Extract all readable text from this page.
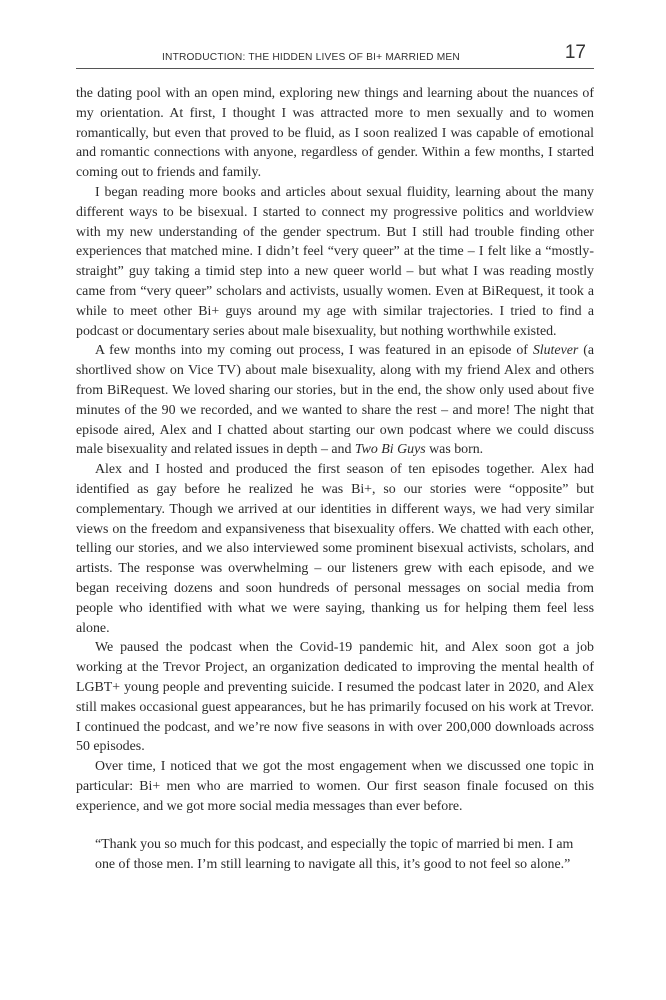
INTRODUCTION: THE HIDDEN LIVES OF BI+ MARRIED MEN	17

the dating pool with an open mind, exploring new things and learning about the nuances of my orientation. At first, I thought I was attracted more to men sexually and to women romantically, but even that proved to be fluid, as I soon realized I was capable of emotional and romantic connections with anyone, regardless of gender. Within a few months, I started coming out to friends and family.

I began reading more books and articles about sexual fluidity, learning about the many different ways to be bisexual. I started to connect my progressive politics and worldview with my new understanding of the gender spectrum. But I still had trouble finding other experiences that matched mine. I didn’t feel “very queer” at the time – I felt like a “mostly-straight” guy taking a timid step into a new queer world – but what I was reading mostly came from “very queer” scholars and activists, usually women. Even at BiRequest, it took a while to meet other Bi+ guys around my age with similar trajectories. I tried to find a podcast or documentary series about male bisexuality, but nothing worthwhile existed.

A few months into my coming out process, I was featured in an episode of Slutever (a shortlived show on Vice TV) about male bisexuality, along with my friend Alex and others from BiRequest. We loved sharing our stories, but in the end, the show only used about five minutes of the 90 we recorded, and we wanted to share the rest – and more! The night that episode aired, Alex and I chatted about starting our own podcast where we could discuss male bisexuality and related issues in depth – and Two Bi Guys was born.

Alex and I hosted and produced the first season of ten episodes together. Alex had identified as gay before he realized he was Bi+, so our stories were “opposite” but complementary. Though we arrived at our identities in different ways, we had very similar views on the freedom and expansiveness that bisexuality offers. We chatted with each other, telling our stories, and we also interviewed some prominent bisexual activists, scholars, and artists. The response was overwhelming – our listeners grew with each episode, and we began receiving dozens and soon hundreds of personal messages on social media from people who identified with what we were saying, thanking us for helping them feel less alone.

We paused the podcast when the Covid-19 pandemic hit, and Alex soon got a job working at the Trevor Project, an organization dedicated to improving the mental health of LGBT+ young people and preventing suicide. I resumed the podcast later in 2020, and Alex still makes occasional guest appearances, but he has primarily focused on his work at Trevor. I continued the podcast, and we’re now five seasons in with over 200,000 downloads across 50 episodes.

Over time, I noticed that we got the most engagement when we discussed one topic in particular: Bi+ men who are married to women. Our first season finale focused on this experience, and we got more social media messages than ever before.

“Thank you so much for this podcast, and especially the topic of married bi men. I am one of those men. I’m still learning to navigate all this, it’s good to not feel so alone.”
